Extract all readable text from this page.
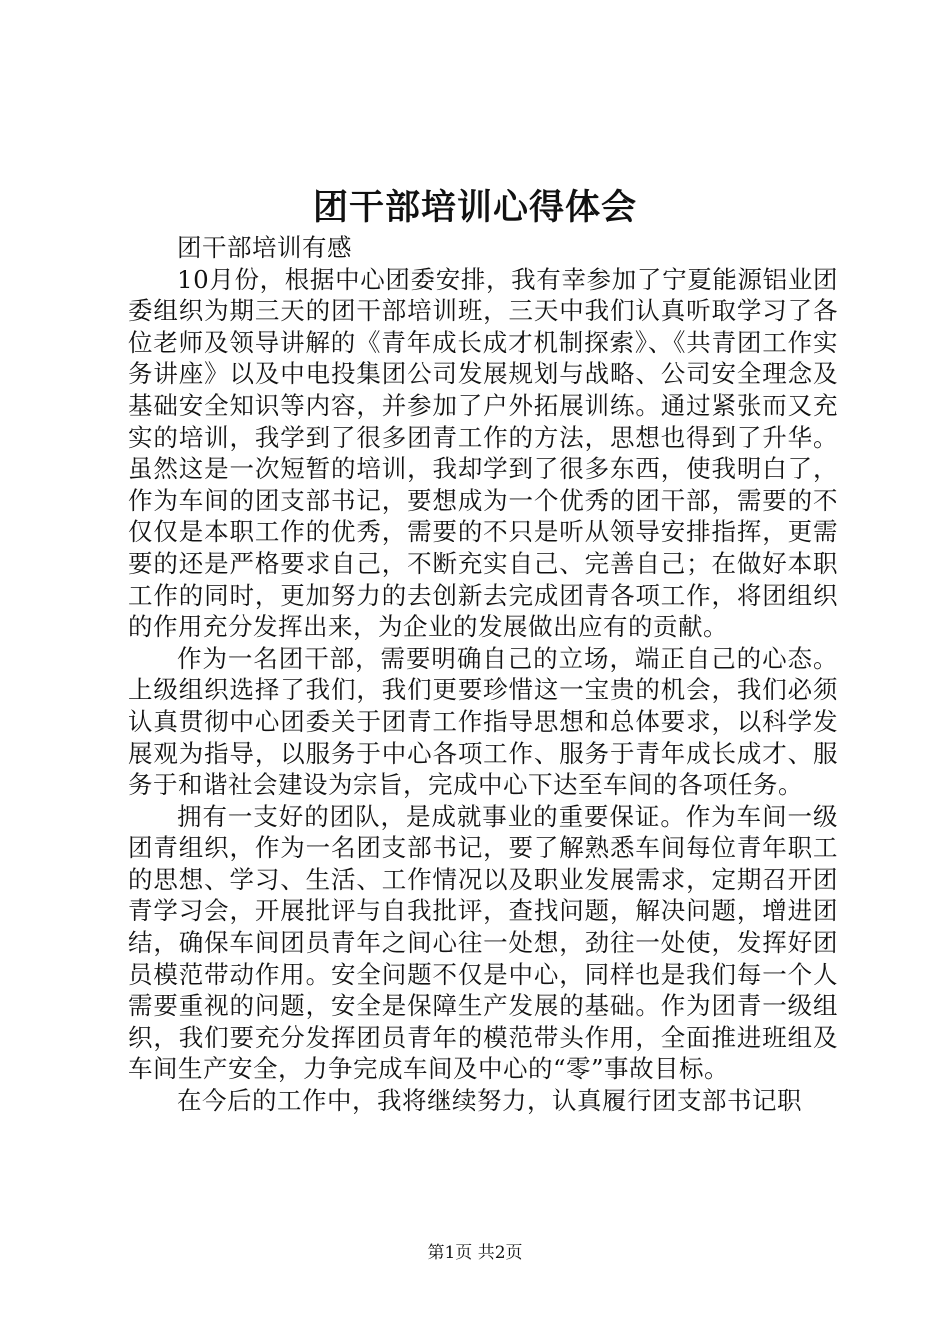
团干部培训心得体会

团干部培训有感

10月份，根据中心团委安排，我有幸参加了宁夏能源铝业团委组织为期三天的团干部培训班，三天中我们认真听取学习了各位老师及领导讲解的《青年成长成才机制探索》、《共青团工作实务讲座》以及中电投集团公司发展规划与战略、公司安全理念及基础安全知识等内容，并参加了户外拓展训练。通过紧张而又充实的培训，我学到了很多团青工作的方法，思想也得到了升华。虽然这是一次短暂的培训，我却学到了很多东西，使我明白了，作为车间的团支部书记，要想成为一个优秀的团干部，需要的不仅仅是本职工作的优秀，需要的不只是听从领导安排指挥，更需要的还是严格要求自己，不断充实自己、完善自己；在做好本职工作的同时，更加努力的去创新去完成团青各项工作，将团组织的作用充分发挥出来，为企业的发展做出应有的贡献。

作为一名团干部，需要明确自己的立场，端正自己的心态。上级组织选择了我们，我们更要珍惜这一宝贵的机会，我们必须认真贯彻中心团委关于团青工作指导思想和总体要求，以科学发展观为指导，以服务于中心各项工作、服务于青年成长成才、服务于和谐社会建设为宗旨，完成中心下达至车间的各项任务。

拥有一支好的团队，是成就事业的重要保证。作为车间一级团青组织，作为一名团支部书记，要了解熟悉车间每位青年职工的思想、学习、生活、工作情况以及职业发展需求，定期召开团青学习会，开展批评与自我批评，查找问题，解决问题，增进团结，确保车间团员青年之间心往一处想，劲往一处使，发挥好团员模范带动作用。安全问题不仅是中心，同样也是我们每一个人需要重视的问题，安全是保障生产发展的基础。作为团青一级组织，我们要充分发挥团员青年的模范带头作用，全面推进班组及车间生产安全，力争完成车间及中心的“零”事故目标。

在今后的工作中，我将继续努力，认真履行团支部书记职

第1页 共2页
